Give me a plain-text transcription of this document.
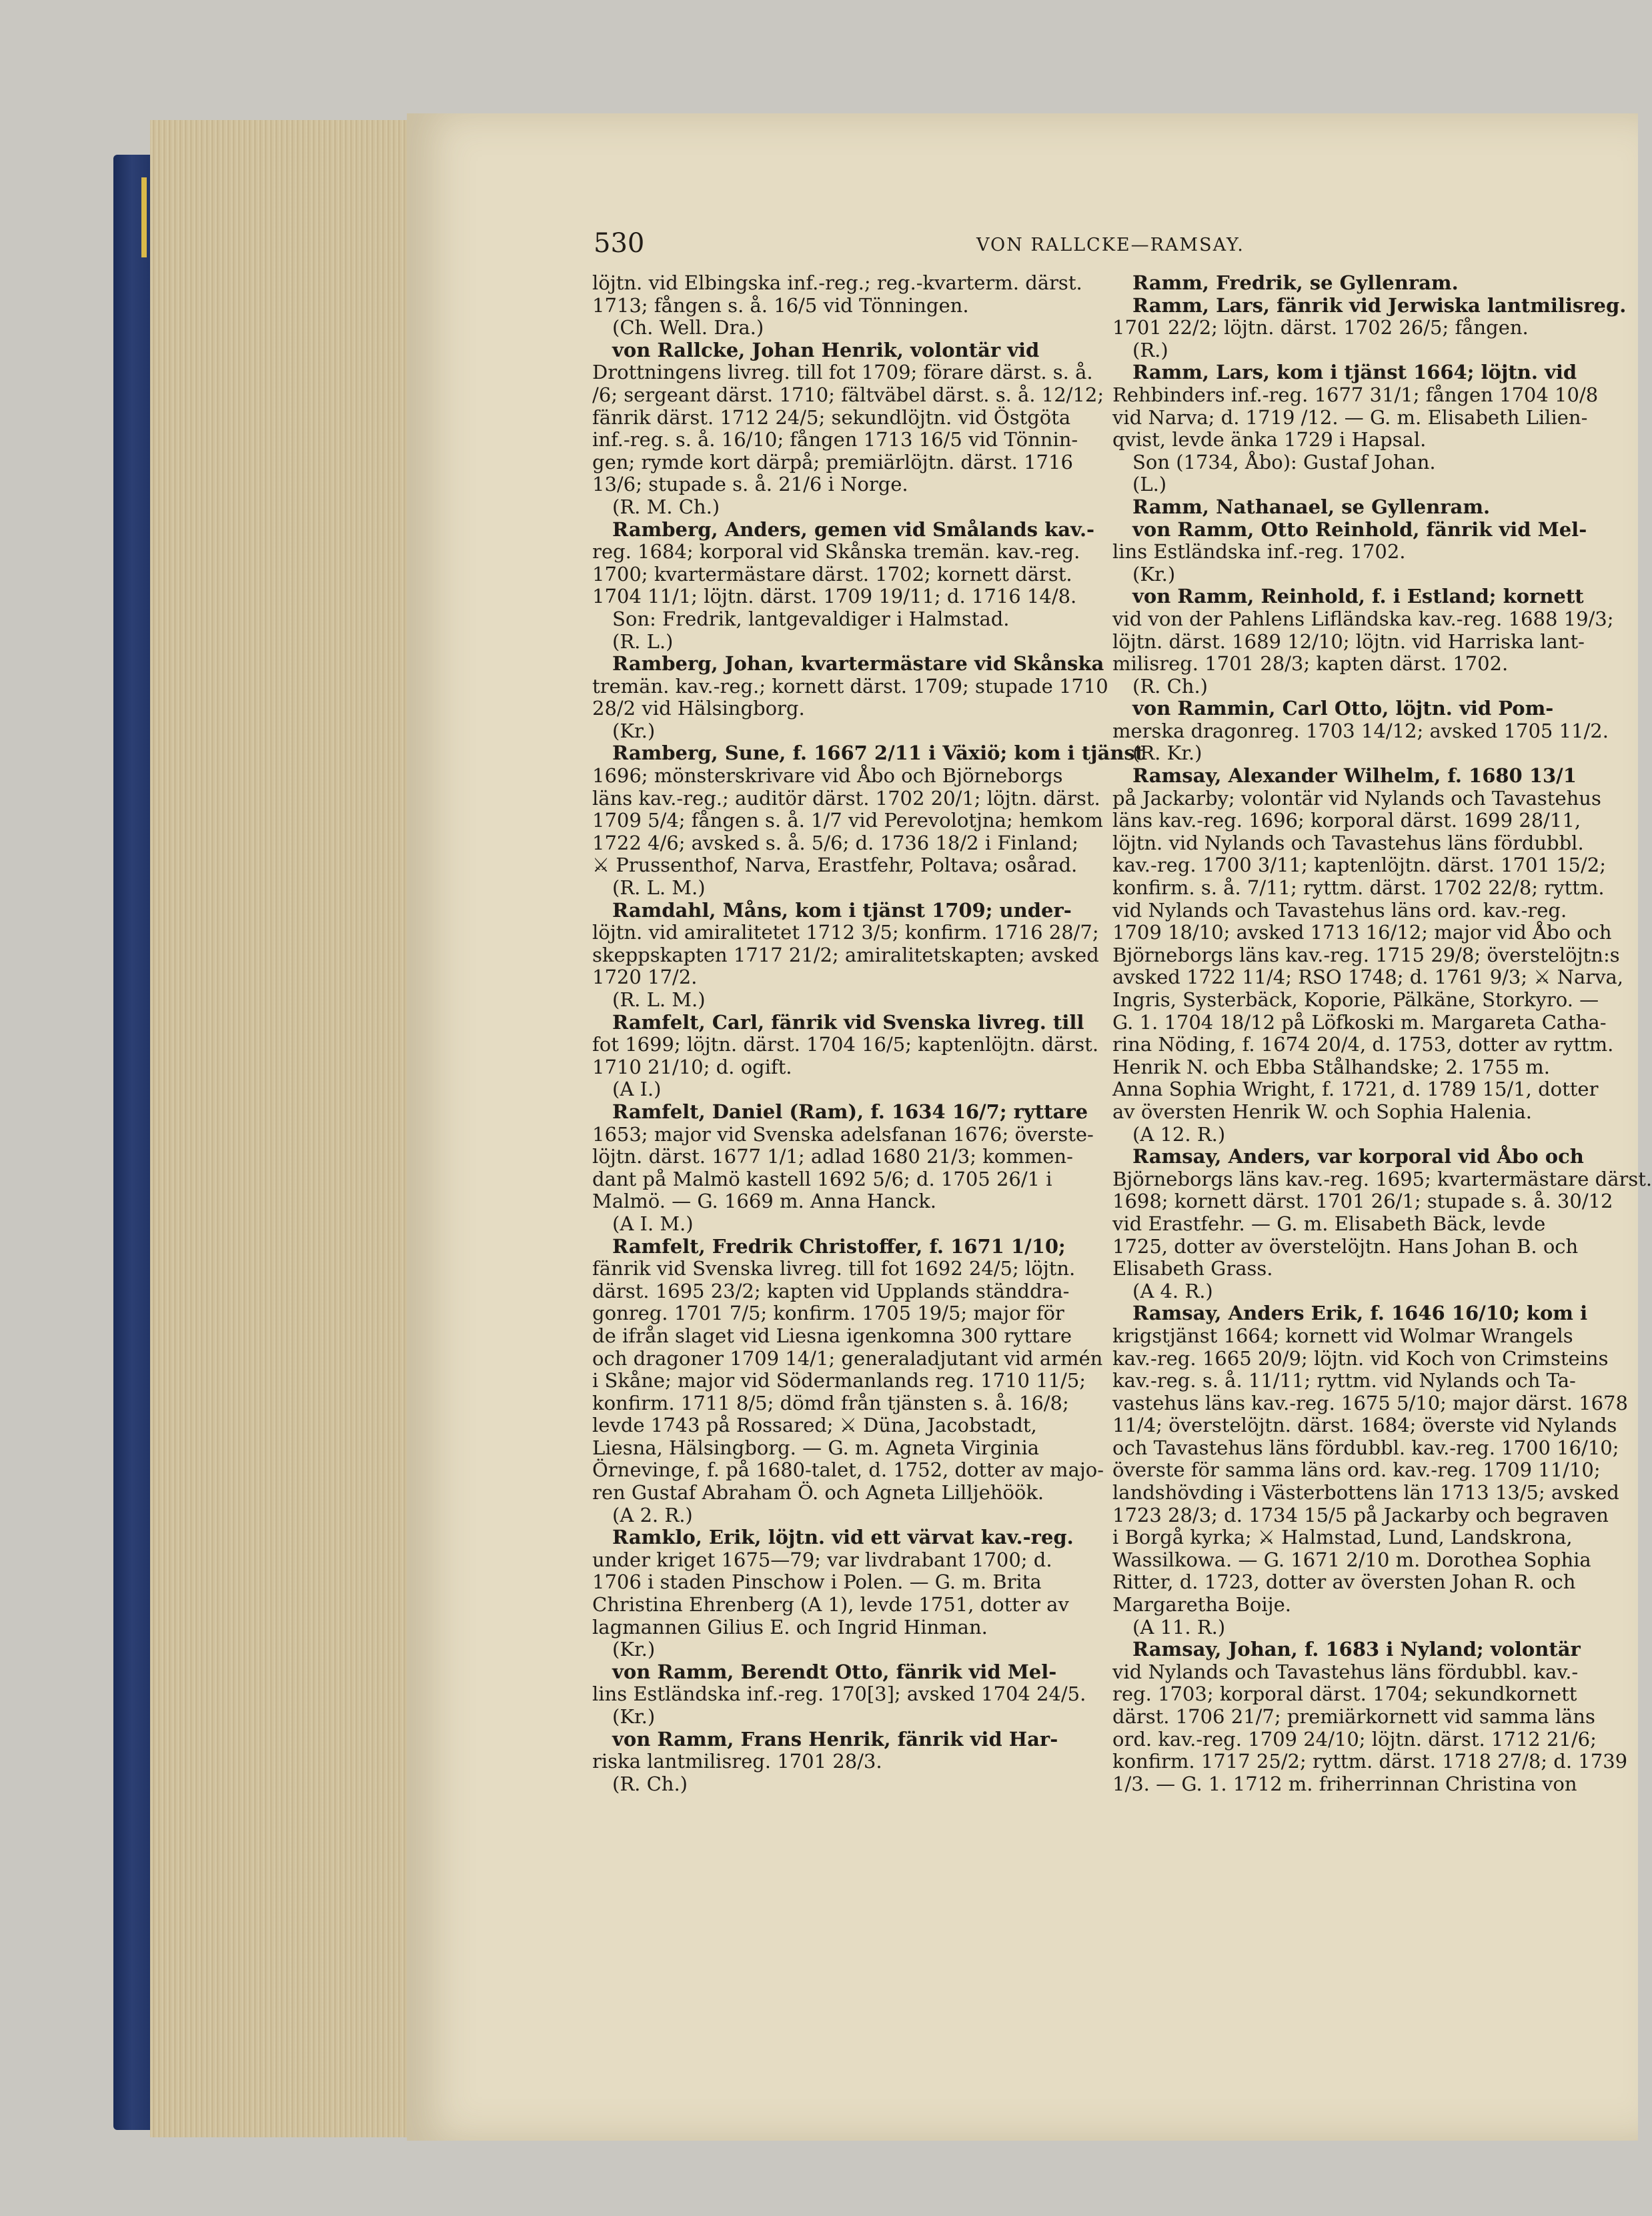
530	VON RALLCKE—RAMSAY.
löjtn. vid Elbingska inf.-reg.; reg.-kvarterm. därst.
1713; fången s. å. 16/5 vid Tönningen.
(Ch. Well. Dra.)
von Rallcke, Johan Henrik, volontär vid
Drottningens livreg. till fot 1709; förare därst. s. å.
/6; sergeant därst. 1710; fältväbel därst. s. å. 12/12;
fänrik därst. 1712 24/5; sekundlöjtn. vid Östgöta
inf.-reg. s. å. 16/10; fången 1713 16/5 vid Tönnin-
gen; rymde kort därpå; premiärlöjtn. därst. 1716
13/6; stupade s. å. 21/6 i Norge.
(R. M. Ch.)
Ramberg, Anders, gemen vid Smålands kav.-
reg. 1684; korporal vid Skånska tremän. kav.-reg.
1700; kvartermästare därst. 1702; kornett därst.
1704 11/1; löjtn. därst. 1709 19/11; d. 1716 14/8.
Son: Fredrik, lantgevaldiger i Halmstad.
(R. L.)
Ramberg, Johan, kvartermästare vid Skånska
tremän. kav.-reg.; kornett därst. 1709; stupade 1710
28/2 vid Hälsingborg.
(Kr.)
Ramberg, Sune, f. 1667 2/11 i Växiö; kom i tjänst
1696; mönsterskrivare vid Åbo och Björneborgs
läns kav.-reg.; auditör därst. 1702 20/1; löjtn. därst.
1709 5/4; fången s. å. 1/7 vid Perevolotjna; hemkom
1722 4/6; avsked s. å. 5/6; d. 1736 18/2 i Finland;
⚔ Prussenthof, Narva, Erastfehr, Poltava; osårad.
(R. L. M.)
Ramdahl, Måns, kom i tjänst 1709; under-
löjtn. vid amiralitetet 1712 3/5; konfirm. 1716 28/7;
skeppskapten 1717 21/2; amiralitetskapten; avsked
1720 17/2.
(R. L. M.)
Ramfelt, Carl, fänrik vid Svenska livreg. till
fot 1699; löjtn. därst. 1704 16/5; kaptenlöjtn. därst.
1710 21/10; d. ogift.
(A I.)
Ramfelt, Daniel (Ram), f. 1634 16/7; ryttare
1653; major vid Svenska adelsfanan 1676; överste-
löjtn. därst. 1677 1/1; adlad 1680 21/3; kommen-
dant på Malmö kastell 1692 5/6; d. 1705 26/1 i
Malmö. — G. 1669 m. Anna Hanck.
(A I. M.)
Ramfelt, Fredrik Christoffer, f. 1671 1/10;
fänrik vid Svenska livreg. till fot 1692 24/5; löjtn.
därst. 1695 23/2; kapten vid Upplands ständdra-
gonreg. 1701 7/5; konfirm. 1705 19/5; major för
de ifrån slaget vid Liesna igenkomna 300 ryttare
och dragoner 1709 14/1; generaladjutant vid armén
i Skåne; major vid Södermanlands reg. 1710 11/5;
konfirm. 1711 8/5; dömd från tjänsten s. å. 16/8;
levde 1743 på Rossared; ⚔ Düna, Jacobstadt,
Liesna, Hälsingborg. — G. m. Agneta Virginia
Örnevinge, f. på 1680-talet, d. 1752, dotter av majo-
ren Gustaf Abraham Ö. och Agneta Lilljehöök.
(A 2. R.)
Ramklo, Erik, löjtn. vid ett värvat kav.-reg.
under kriget 1675—79; var livdrabant 1700; d.
1706 i staden Pinschow i Polen. — G. m. Brita
Christina Ehrenberg (A 1), levde 1751, dotter av
lagmannen Gilius E. och Ingrid Hinman.
(Kr.)
von Ramm, Berendt Otto, fänrik vid Mel-
lins Estländska inf.-reg. 170[3]; avsked 1704 24/5.
(Kr.)
von Ramm, Frans Henrik, fänrik vid Har-
riska lantmilisreg. 1701 28/3.
(R. Ch.)
Ramm, Fredrik, se Gyllenram.
Ramm, Lars, fänrik vid Jerwiska lantmilisreg.
1701 22/2; löjtn. därst. 1702 26/5; fången.
(R.)
Ramm, Lars, kom i tjänst 1664; löjtn. vid
Rehbinders inf.-reg. 1677 31/1; fången 1704 10/8
vid Narva; d. 1719 /12. — G. m. Elisabeth Lilien-
qvist, levde änka 1729 i Hapsal.
Son (1734, Åbo): Gustaf Johan.
(L.)
Ramm, Nathanael, se Gyllenram.
von Ramm, Otto Reinhold, fänrik vid Mel-
lins Estländska inf.-reg. 1702.
(Kr.)
von Ramm, Reinhold, f. i Estland; kornett
vid von der Pahlens Lifländska kav.-reg. 1688 19/3;
löjtn. därst. 1689 12/10; löjtn. vid Harriska lant-
milisreg. 1701 28/3; kapten därst. 1702.
(R. Ch.)
von Rammin, Carl Otto, löjtn. vid Pom-
merska dragonreg. 1703 14/12; avsked 1705 11/2.
(R. Kr.)
Ramsay, Alexander Wilhelm, f. 1680 13/1
på Jackarby; volontär vid Nylands och Tavastehus
läns kav.-reg. 1696; korporal därst. 1699 28/11,
löjtn. vid Nylands och Tavastehus läns fördubbl.
kav.-reg. 1700 3/11; kaptenlöjtn. därst. 1701 15/2;
konfirm. s. å. 7/11; ryttm. därst. 1702 22/8; ryttm.
vid Nylands och Tavastehus läns ord. kav.-reg.
1709 18/10; avsked 1713 16/12; major vid Åbo och
Björneborgs läns kav.-reg. 1715 29/8; överstelöjtn:s
avsked 1722 11/4; RSO 1748; d. 1761 9/3; ⚔ Narva,
Ingris, Systerbäck, Koporie, Pälkäne, Storkyro. —
G. 1. 1704 18/12 på Löfkoski m. Margareta Catha-
rina Nöding, f. 1674 20/4, d. 1753, dotter av ryttm.
Henrik N. och Ebba Stålhandske; 2. 1755 m.
Anna Sophia Wright, f. 1721, d. 1789 15/1, dotter
av översten Henrik W. och Sophia Halenia.
(A 12. R.)
Ramsay, Anders, var korporal vid Åbo och
Björneborgs läns kav.-reg. 1695; kvartermästare därst.
1698; kornett därst. 1701 26/1; stupade s. å. 30/12
vid Erastfehr. — G. m. Elisabeth Bäck, levde
1725, dotter av överstelöjtn. Hans Johan B. och
Elisabeth Grass.
(A 4. R.)
Ramsay, Anders Erik, f. 1646 16/10; kom i
krigstjänst 1664; kornett vid Wolmar Wrangels
kav.-reg. 1665 20/9; löjtn. vid Koch von Crimsteins
kav.-reg. s. å. 11/11; ryttm. vid Nylands och Ta-
vastehus läns kav.-reg. 1675 5/10; major därst. 1678
11/4; överstelöjtn. därst. 1684; överste vid Nylands
och Tavastehus läns fördubbl. kav.-reg. 1700 16/10;
överste för samma läns ord. kav.-reg. 1709 11/10;
landshövding i Västerbottens län 1713 13/5; avsked
1723 28/3; d. 1734 15/5 på Jackarby och begraven
i Borgå kyrka; ⚔ Halmstad, Lund, Landskrona,
Wassilkowa. — G. 1671 2/10 m. Dorothea Sophia
Ritter, d. 1723, dotter av översten Johan R. och
Margaretha Boije.
(A 11. R.)
Ramsay, Johan, f. 1683 i Nyland; volontär
vid Nylands och Tavastehus läns fördubbl. kav.-
reg. 1703; korporal därst. 1704; sekundkornett
därst. 1706 21/7; premiärkornett vid samma läns
ord. kav.-reg. 1709 24/10; löjtn. därst. 1712 21/6;
konfirm. 1717 25/2; ryttm. därst. 1718 27/8; d. 1739
1/3. — G. 1. 1712 m. friherrinnan Christina von
